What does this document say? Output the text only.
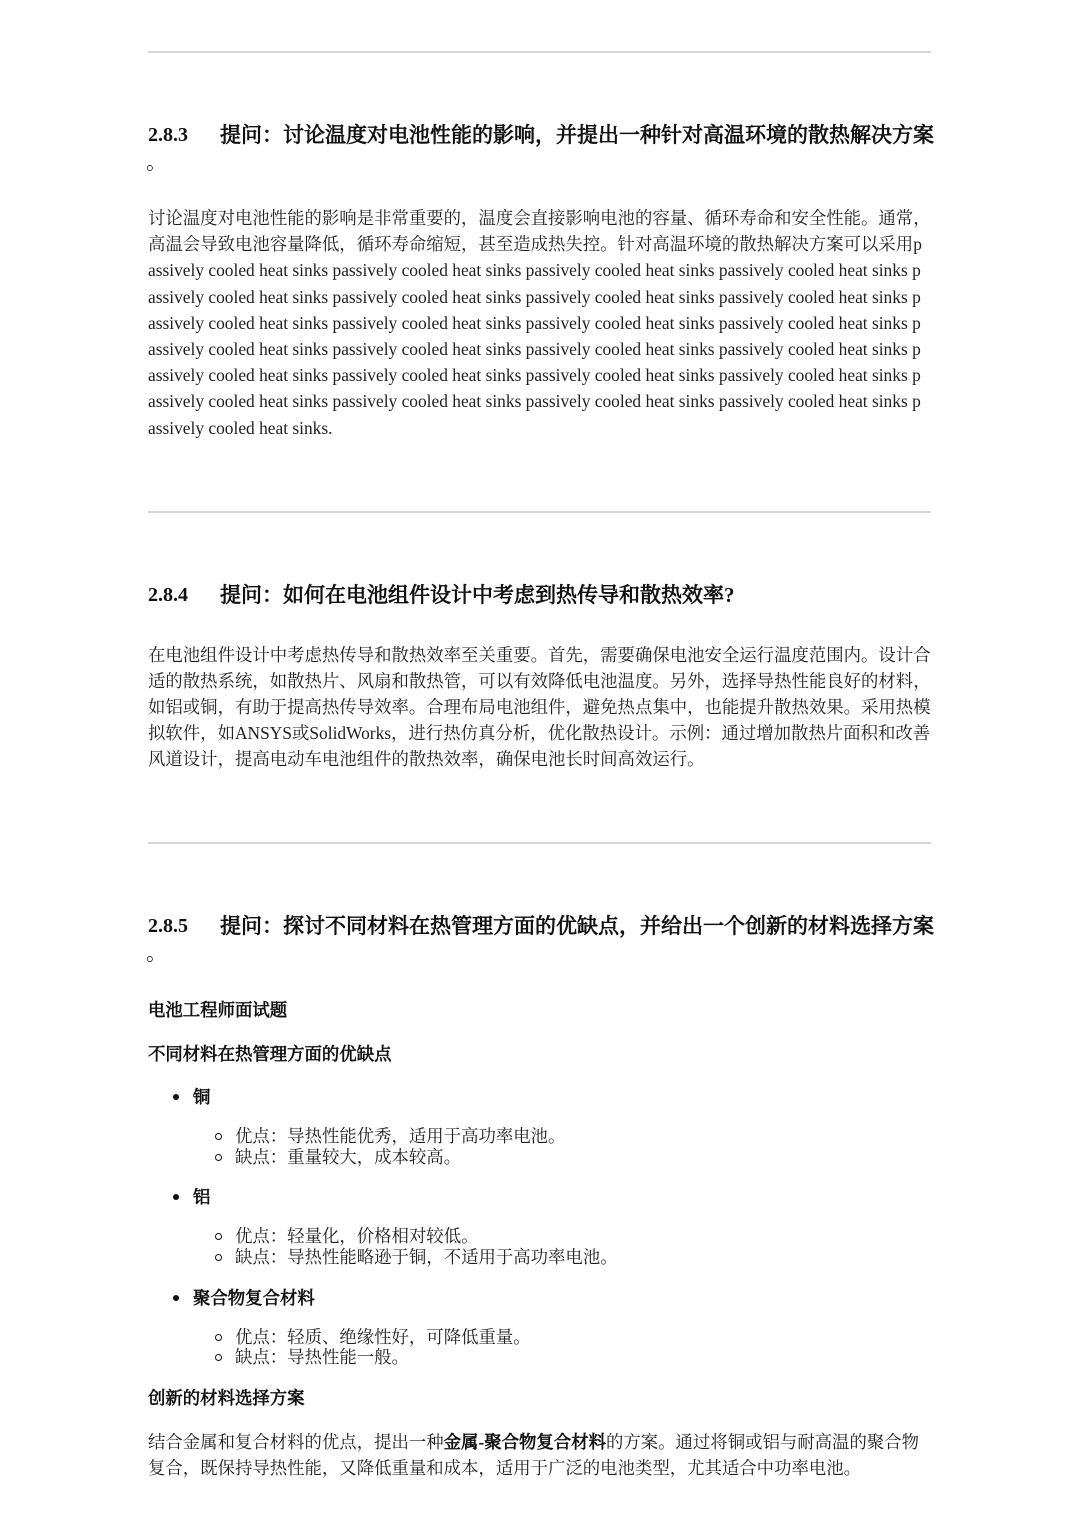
2.8.3 提问：讨论温度对电池性能的影响，并提出一种针对高温环境的散热解决方案
。
讨论温度对电池性能的影响是非常重要的，温度会直接影响电池的容量、循环寿命和安全性能。通常，
高温会导致电池容量降低，循环寿命缩短，甚至造成热失控。针对高温环境的散热解决方案可以采用p
assively cooled heat sinks passively cooled heat sinks passively cooled heat sinks passively cooled heat sinks p
assively cooled heat sinks passively cooled heat sinks passively cooled heat sinks passively cooled heat sinks p
assively cooled heat sinks passively cooled heat sinks passively cooled heat sinks passively cooled heat sinks p
assively cooled heat sinks passively cooled heat sinks passively cooled heat sinks passively cooled heat sinks p
assively cooled heat sinks passively cooled heat sinks passively cooled heat sinks passively cooled heat sinks p
assively cooled heat sinks passively cooled heat sinks passively cooled heat sinks passively cooled heat sinks p
assively cooled heat sinks.
2.8.4 提问：如何在电池组件设计中考虑到热传导和散热效率?
在电池组件设计中考虑热传导和散热效率至关重要。首先，需要确保电池安全运行温度范围内。设计合
适的散热系统，如散热片、风扇和散热管，可以有效降低电池温度。另外，选择导热性能良好的材料，
如铝或铜，有助于提高热传导效率。合理布局电池组件，避免热点集中，也能提升散热效果。采用热模
拟软件，如ANSYS或SolidWorks，进行热仿真分析，优化散热设计。示例：通过增加散热片面积和改善
风道设计，提高电动车电池组件的散热效率，确保电池长时间高效运行。
2.8.5 提问：探讨不同材料在热管理方面的优缺点，并给出一个创新的材料选择方案
。
电池工程师面试题
不同材料在热管理方面的优缺点
铜
优点：导热性能优秀，适用于高功率电池。
缺点：重量较大，成本较高。
铝
优点：轻量化，价格相对较低。
缺点：导热性能略逊于铜，不适用于高功率电池。
聚合物复合材料
优点：轻质、绝缘性好，可降低重量。
缺点：导热性能一般。
创新的材料选择方案
结合金属和复合材料的优点，提出一种金属-聚合物复合材料的方案。通过将铜或铝与耐高温的聚合物
复合，既保持导热性能，又降低重量和成本，适用于广泛的电池类型，尤其适合中功率电池。
